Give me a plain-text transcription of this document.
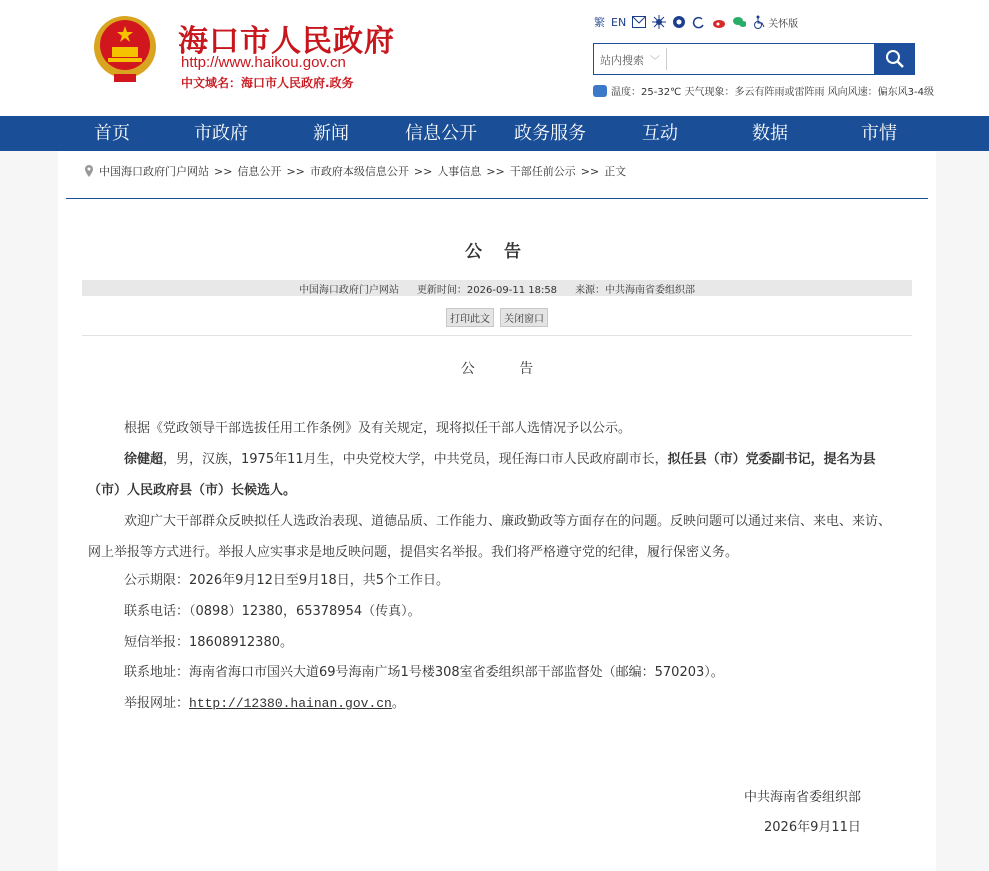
海口市人民政府
http://www.haikou.gov.cn
中文域名：海口市人民政府.政务
繁 EN	关怀版
站内搜索 ﹀
温度：25-32℃ 天气现象：多云有阵雨或雷阵雨 风向风速：偏东风3-4级
首页	市政府	新闻	信息公开	政务服务	互动	数据	市情
中国海口政府门户网站 >> 信息公开 >> 市政府本级信息公开 >> 人事信息 >> 干部任前公示 >> 正文
公 告
中国海口政府门户网站 更新时间：2026-09-11 18:58 来源：中共海南省委组织部
打印此文	关闭窗口
公 告
根据《党政领导干部选拔任用工作条例》及有关规定，现将拟任干部人选情况予以公示。
徐健超，男，汉族，1975年11月生，中央党校大学，中共党员，现任海口市人民政府副市长，拟任县（市）党委副书记，提名为县（市）人民政府县（市）长候选人。
欢迎广大干部群众反映拟任人选政治表现、道德品质、工作能力、廉政勤政等方面存在的问题。反映问题可以通过来信、来电、来访、网上举报等方式进行。举报人应实事求是地反映问题，提倡实名举报。我们将严格遵守党的纪律，履行保密义务。
公示期限：2026年9月12日至9月18日，共5个工作日。
联系电话：（0898）12380，65378954（传真）。
短信举报：18608912380。
联系地址：海南省海口市国兴大道69号海南广场1号楼308室省委组织部干部监督处（邮编：570203）。
举报网址：http://12380.hainan.gov.cn。
中共海南省委组织部
2026年9月11日
